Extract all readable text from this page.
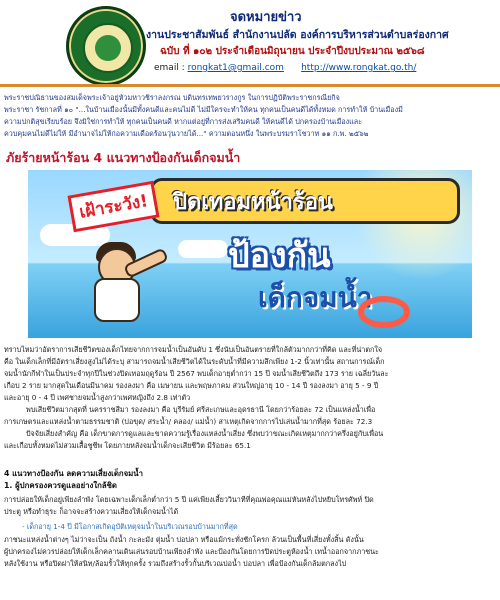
จดหมายข่าว
งานประชาสัมพันธ์ สำนักงานปลัด องค์การบริหารส่วนตำบลร่องกาศ
ฉบับ ที่ ๑๐๒ ประจำเดือนมิถุนายน ประจำปีงบประมาณ ๒๕๖๘
email : rongkat1@gmail.com http://www.rongkat.go.th/
พระราชปณิธานของสมเด็จพระเจ้าอยู่หัวมหาวชิราลงกรณ บดินทรเทพยวรางกูร ในการปฏิบัติพระราชกรณียกิจ
พระราชา รัชกาลที่ ๑๐ "...ในบ้านเมืองนั้นมีทั้งคนดีและคนไม่ดี ไม่มีใครจะทำให้คน ทุกคนเป็นคนดีได้ทั้งหมด การทำให้ บ้านเมืองมี
ความปกติสุขเรียบร้อย จึงมิใช่การทำให้ ทุกคนเป็นคนดี หากแต่อยู่ที่การส่งเสริมคนดี ให้คนดีได้ ปกครองบ้านเมืองและ
ควบคุมคนไม่ดีไม่ให้ มีอำนาจไม่ให้ก่อความเดือดร้อนวุ่นวายได้..." ความตอนหนึ่ง ในพระบรมราโชวาท ๑๑ ก.พ. ๒๕๖๒
ภัยร้ายหน้าร้อน 4 แนวทางป้องกันเด็กจมน้ำ
เฝ้าระวัง!	ปิดเทอมหน้าร้อน
ป้องกัน
เด็กจมน้ำ
ทราบไหมว่าอัตราการเสียชีวิตของเด็กไทยจากการจมน้ำเป็นอันดับ 1 ซึ่งนับเป็นอันตรายที่ใกล้ตัวมากกว่าที่คิด และที่น่าตกใจ
คือ ในเด็กเล็กที่มีอัตราเสี่ยงสูงไม่ได้ระบุ สามารถจมน้ำเสียชีวิตได้ในระดับน้ำที่มีความลึกเพียง 1-2 นิ้วเท่านั้น สถานการณ์เด็ก
จมน้ำนักกีฬาในเป็นประจำทุกปีในช่วงปิดเทอมฤดูร้อน ปี 2567 พบเด็กอายุต่ำกว่า 15 ปี จมน้ำเสียชีวิตถึง 173 ราย เฉลี่ยวันละ
เกือบ 2 ราย มากสุดในเดือนมีนาคม รองลงมา คือ เมษายน และพฤษภาคม ส่วนใหญ่อายุ 10 - 14 ปี รองลงมา อายุ 5 - 9 ปี
และอายุ 0 - 4 ปี เพศชายจมน้ำสูงกว่าเพศหญิงถึง 2.8 เท่าตัว
พบเสียชีวิตมากสุดที่ นครราชสีมา รองลงมา คือ บุรีรัมย์ ศรีสะเกษและอุดรธานี โดยกว่าร้อยละ 72 เป็นแหล่งน้ำเพื่อ
การเกษตรและแหล่งน้ำตามธรรมชาติ (บ่อขุด/ สระน้ำ/ คลอง/ แม่น้ำ) สาเหตุเกิดจากการไปเล่นน้ำมากที่สุด ร้อยละ 72.3
ปัจจัยเสี่ยงสำคัญ คือ เด็กขาดการดูแลและขาดความรู้เรื่องแหล่งน้ำเสี่ยง ซึ่งพบว่าขณะเกิดเหตุมากกว่าครึ่งอยู่กับเพื่อน
และเกือบทั้งหมดไม่สวมเสื้อชูชีพ โดยภายหลังจมน้ำเด็กจะเสียชีวิต มีร้อยละ 65.1
4 แนวทางป้องกัน ลดความเสี่ยงเด็กจมน้ำ
1. ผู้ปกครองควรดูแลอย่างใกล้ชิด
การปล่อยให้เด็กอยู่เพียงลำพัง โดยเฉพาะเด็กเล็กต่ำกว่า 5 ปี แค่เพียงเสี้ยววินาทีที่คุณพ่อคุณแม่หันหลังไปหยิบโทรศัพท์ ปิด
ประตู หรือทำธุระ ก็อาจจะสร้างความเสี่ยงให้เด็กจมน้ำได้
- เด็กอายุ 1-4 ปี มีโอกาสเกิดอุบัติเหตุจมน้ำในบริเวณรอบบ้านมากที่สุด
ภาชนะแหล่งน้ำต่างๆ ไม่ว่าจะเป็น ถังน้ำ กะละมัง ตุ่มน้ำ บ่อปลา หรือแม้กระทั่งชักโครก ล้วนเป็นพื้นที่เสี่ยงทั้งสิ้น ดังนั้น
ผู้ปกครองไม่ควรปล่อยให้เด็กเล็กคลานเดินเล่นรอบบ้านเพียงลำพัง และป้องกันโดยการปิดประตูห้องน้ำ เทน้ำออกจากภาชนะ
หลังใช้งาน หรือปิดฝาให้สนิท/ล้อมรั้วให้ทุกครั้ง รวมถึงสร้างรั้วกั้นบริเวณบ่อน้ำ บ่อปลา เพื่อป้องกันเด็กล้มตกลงไป
